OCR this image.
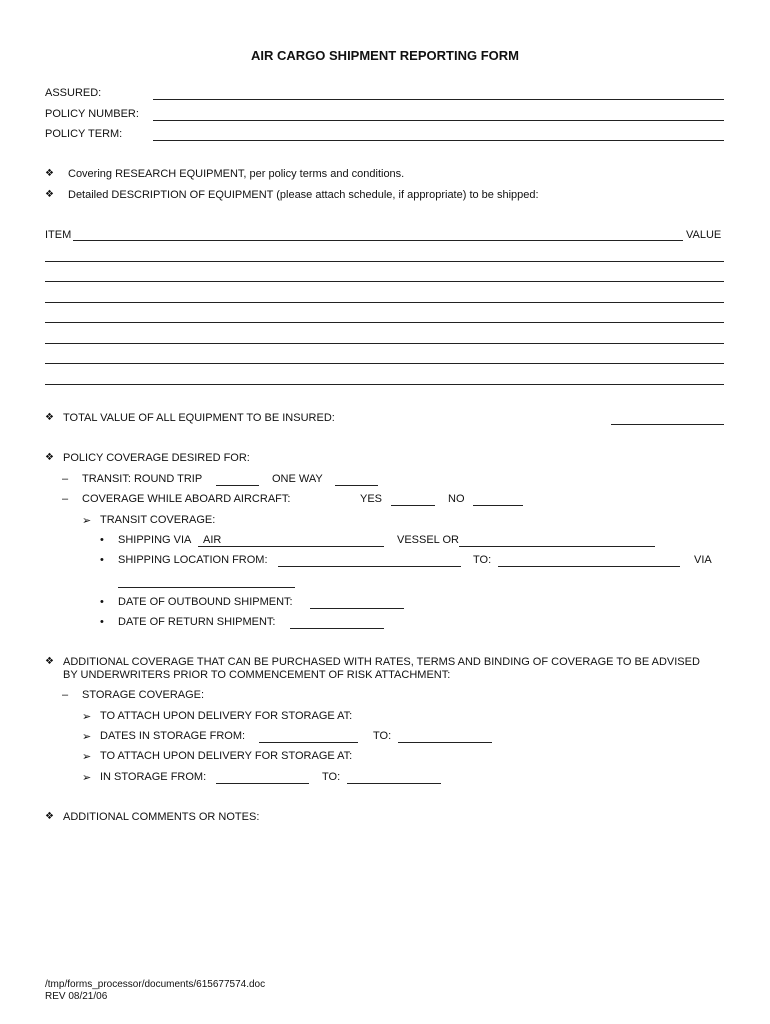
AIR CARGO SHIPMENT REPORTING FORM
ASSURED:
POLICY NUMBER:
POLICY TERM:
❖ Covering RESEARCH EQUIPMENT, per policy terms and conditions.
❖ Detailed DESCRIPTION OF EQUIPMENT (please attach schedule, if appropriate) to be shipped:
ITEM	VALUE
❖ TOTAL VALUE OF ALL EQUIPMENT TO BE INSURED:
❖ POLICY COVERAGE DESIRED FOR:
– TRANSIT: ROUND TRIP	ONE WAY
– COVERAGE WHILE ABOARD AIRCRAFT:	YES	NO
➢ TRANSIT COVERAGE:
• SHIPPING VIA AIR	VESSEL OR
• SHIPPING LOCATION FROM:	TO:	VIA
• DATE OF OUTBOUND SHIPMENT:
• DATE OF RETURN SHIPMENT:
❖ ADDITIONAL COVERAGE THAT CAN BE PURCHASED WITH RATES, TERMS AND BINDING OF COVERAGE TO BE ADVISED
BY UNDERWRITERS PRIOR TO COMMENCEMENT OF RISK ATTACHMENT:
– STORAGE COVERAGE:
➢ TO ATTACH UPON DELIVERY FOR STORAGE AT:
➢ DATES IN STORAGE FROM:	TO:
➢ TO ATTACH UPON DELIVERY FOR STORAGE AT:
➢ IN STORAGE FROM:	TO:
❖ ADDITIONAL COMMENTS OR NOTES:
/tmp/forms_processor/documents/615677574.doc
REV 08/21/06
